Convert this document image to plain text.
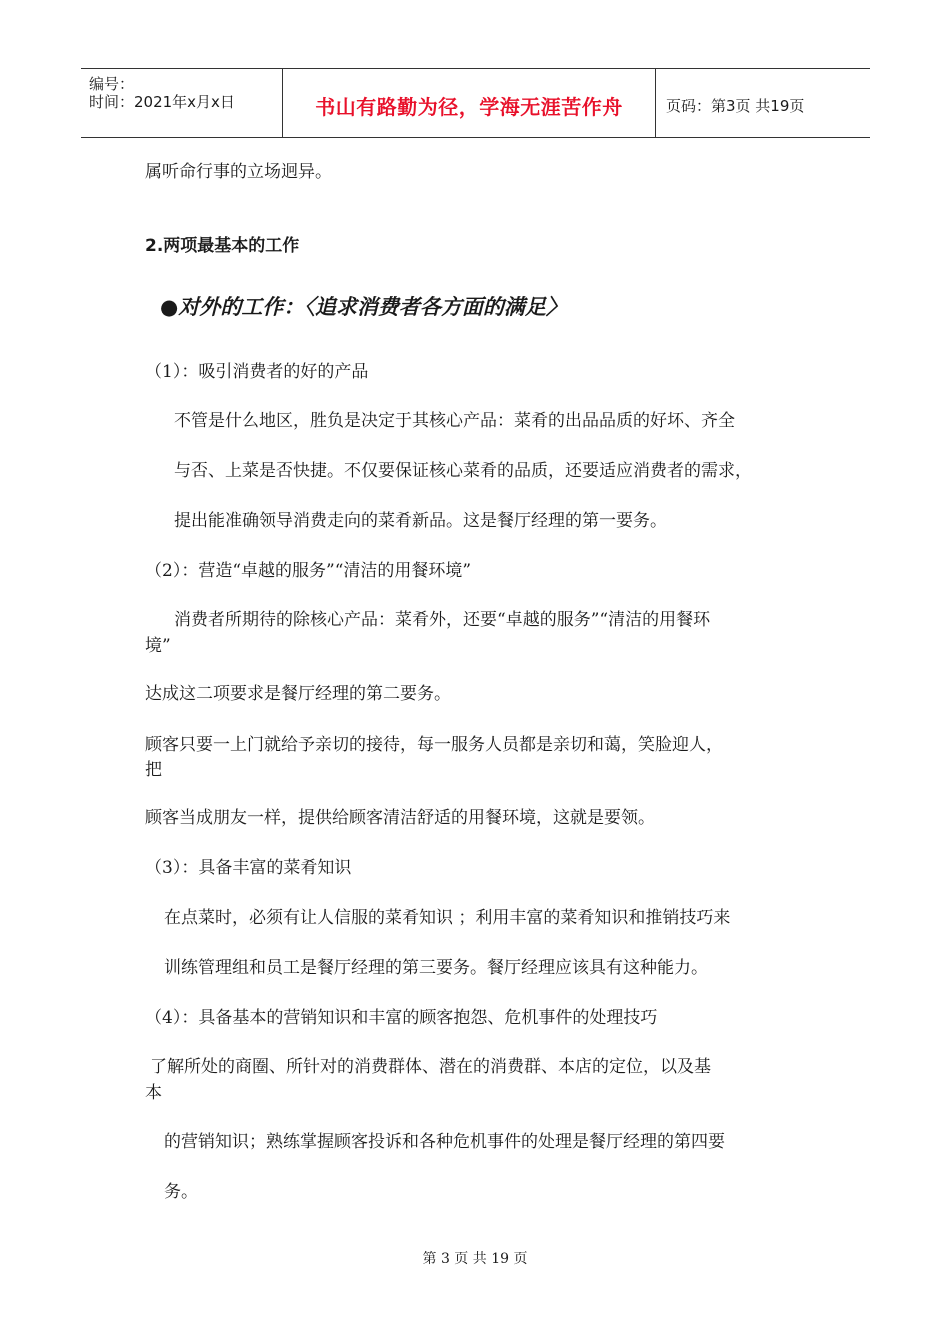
编号：
时间：2021年x月x日	书山有路勤为径，学海无涯苦作舟	页码：第3页 共19页
属听命行事的立场迥异。
2.两项最基本的工作
●对外的工作：〈追求消费者各方面的满足〉
（1）：吸引消费者的好的产品
不管是什么地区，胜负是决定于其核心产品：菜肴的出品品质的好坏、齐全
与否、上菜是否快捷。不仅要保证核心菜肴的品质，还要适应消费者的需求，
提出能准确领导消费走向的菜肴新品。这是餐厅经理的第一要务。
（2）：营造“卓越的服务”“清洁的用餐环境”
消费者所期待的除核心产品：菜肴外，还要“卓越的服务”“清洁的用餐环
境”
达成这二项要求是餐厅经理的第二要务。
顾客只要一上门就给予亲切的接待，每一服务人员都是亲切和蔼，笑脸迎人，
把
顾客当成朋友一样，提供给顾客清洁舒适的用餐环境，这就是要领。
（3）：具备丰富的菜肴知识
在点菜时，必须有让人信服的菜肴知识 ；利用丰富的菜肴知识和推销技巧来
训练管理组和员工是餐厅经理的第三要务。餐厅经理应该具有这种能力。
（4）：具备基本的营销知识和丰富的顾客抱怨、危机事件的处理技巧
了解所处的商圈、所针对的消费群体、潜在的消费群、本店的定位，以及基
本
的营销知识；熟练掌握顾客投诉和各种危机事件的处理是餐厅经理的第四要
务。
第 3 页 共 19 页
